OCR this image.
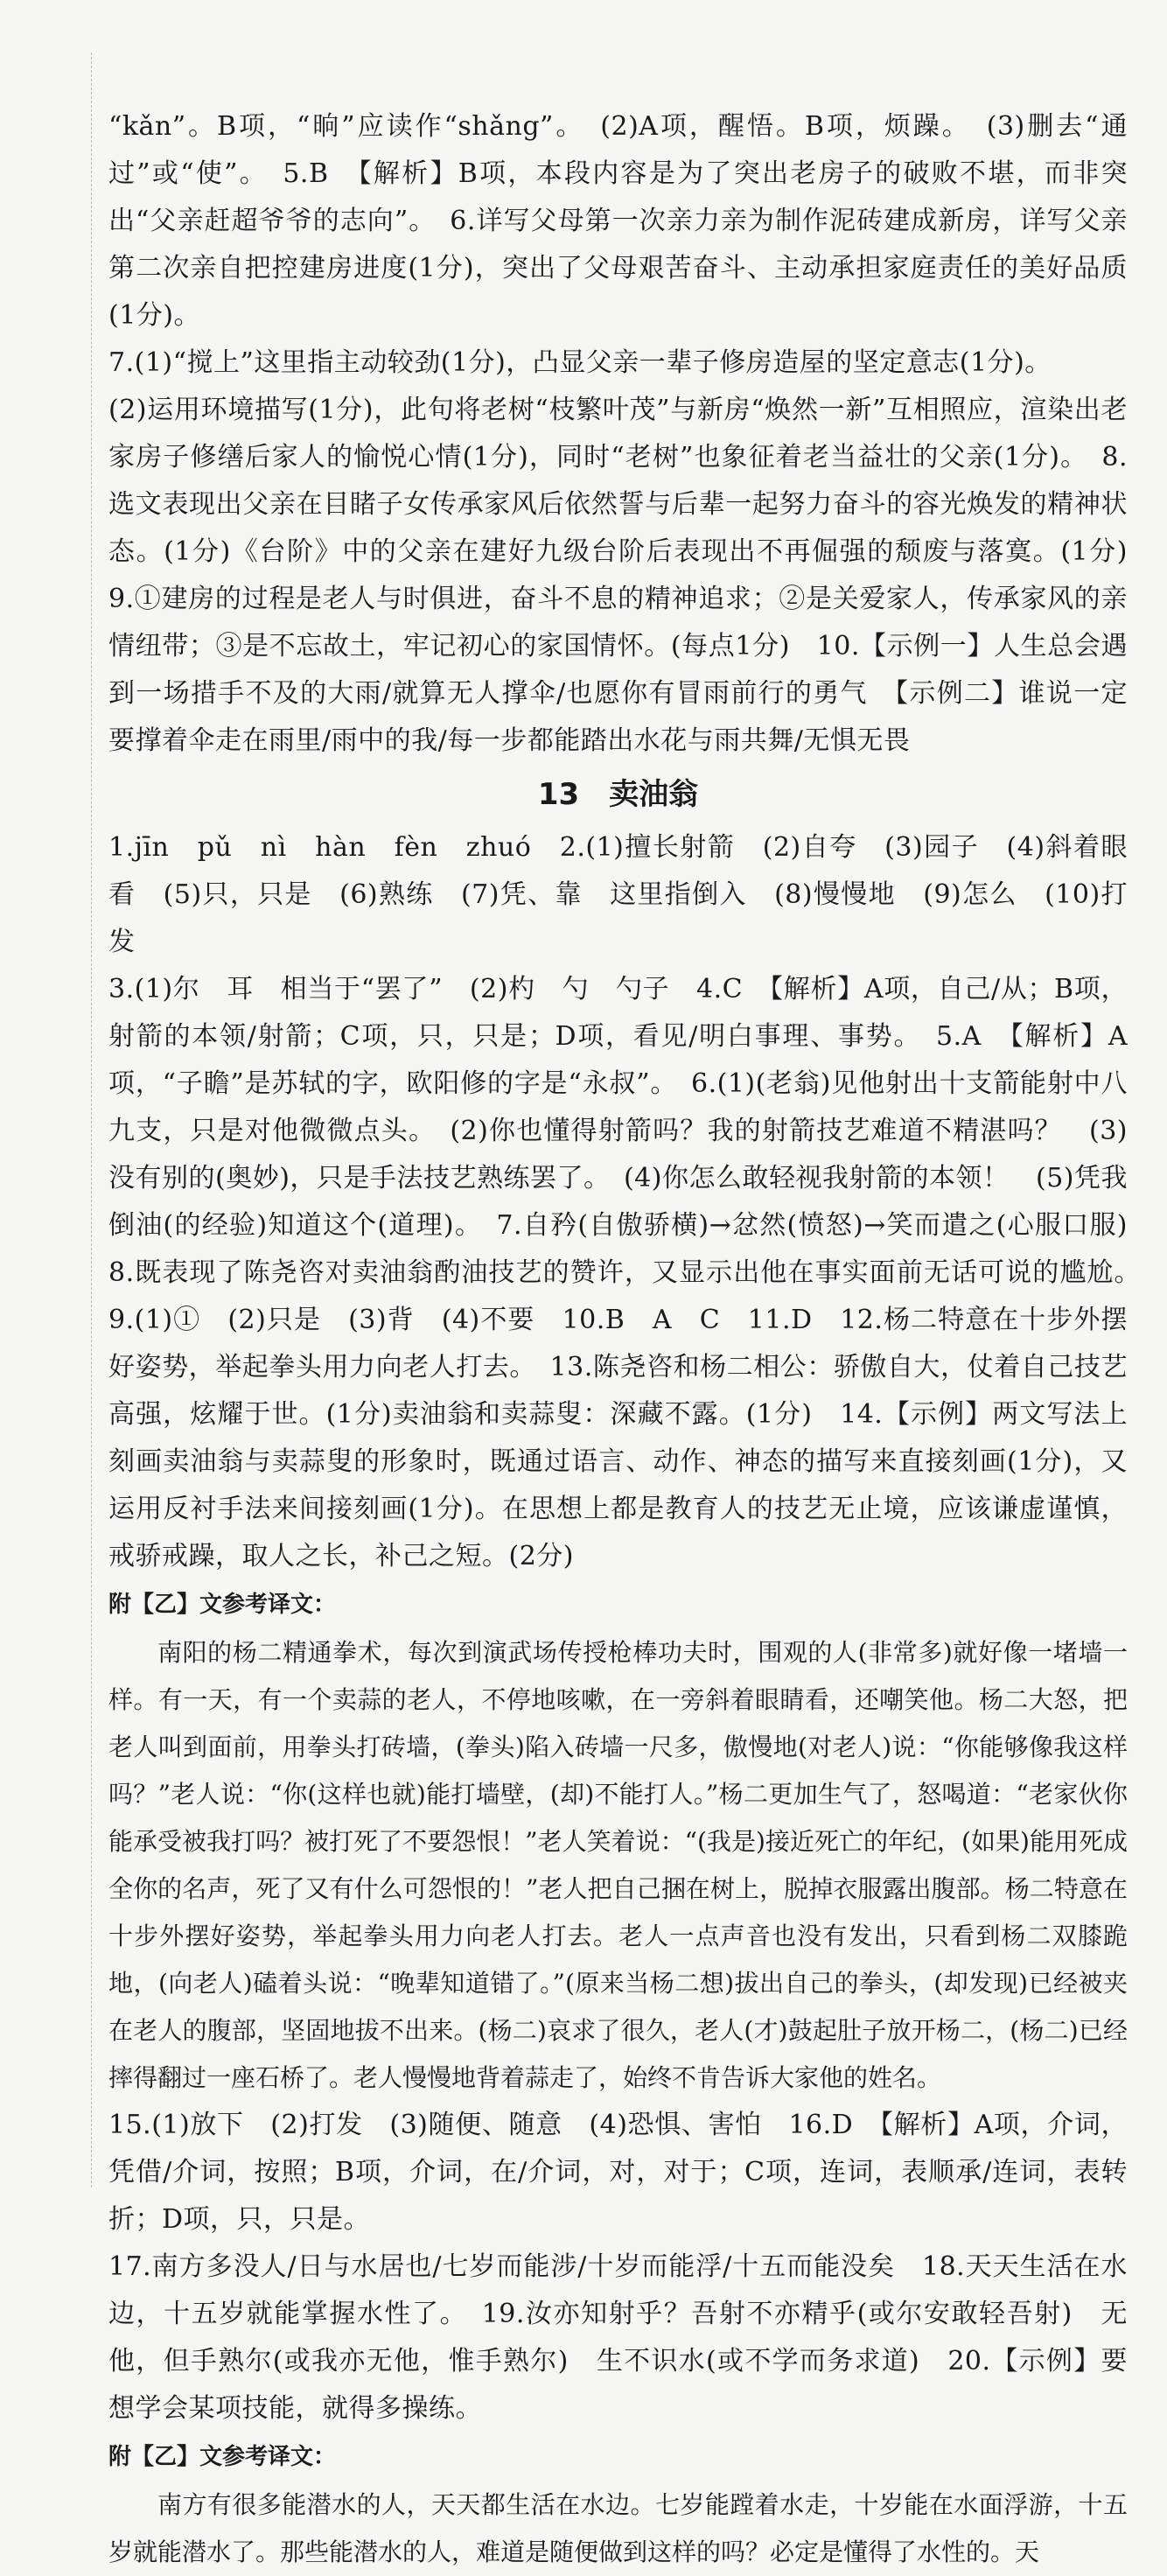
“kǎn”。B项，“晌”应读作“shǎng”。　(2)A项，醒悟。B项，烦躁。　(3)删去“通过”或“使”。　5.B　【解析】B项，本段内容是为了突出老房子的破败不堪，而非突出“父亲赶超爷爷的志向”。　6.详写父母第一次亲力亲为制作泥砖建成新房，详写父亲第二次亲自把控建房进度(1分)，突出了父母艰苦奋斗、主动承担家庭责任的美好品质(1分)。
7.(1)“搅上”这里指主动较劲(1分)，凸显父亲一辈子修房造屋的坚定意志(1分)。
(2)运用环境描写(1分)，此句将老树“枝繁叶茂”与新房“焕然一新”互相照应，渲染出老家房子修缮后家人的愉悦心情(1分)，同时“老树”也象征着老当益壮的父亲(1分)。　8.选文表现出父亲在目睹子女传承家风后依然誓与后辈一起努力奋斗的容光焕发的精神状态。(1分)《台阶》中的父亲在建好九级台阶后表现出不再倔强的颓废与落寞。(1分)　9.①建房的过程是老人与时俱进，奋斗不息的精神追求；②是关爱家人，传承家风的亲情纽带；③是不忘故土，牢记初心的家国情怀。(每点1分)　10.【示例一】人生总会遇到一场措手不及的大雨/就算无人撑伞/也愿你有冒雨前行的勇气　【示例二】谁说一定要撑着伞走在雨里/雨中的我/每一步都能踏出水花与雨共舞/无惧无畏

13　卖油翁

1.jīn　pǔ　nì　hàn　fèn　zhuó　2.(1)擅长射箭　(2)自夸　(3)园子　(4)斜着眼看　(5)只，只是　(6)熟练　(7)凭、靠　这里指倒入　(8)慢慢地　(9)怎么　(10)打发
3.(1)尔　耳　相当于“罢了”　(2)杓　勺　勺子　4.C　【解析】A项，自己/从；B项，射箭的本领/射箭；C项，只，只是；D项，看见/明白事理、事势。　5.A　【解析】A项，“子瞻”是苏轼的字，欧阳修的字是“永叔”。　6.(1)(老翁)见他射出十支箭能射中八九支，只是对他微微点头。　(2)你也懂得射箭吗？我的射箭技艺难道不精湛吗？　(3)没有别的(奥妙)，只是手法技艺熟练罢了。　(4)你怎么敢轻视我射箭的本领！　(5)凭我倒油(的经验)知道这个(道理)。　7.自矜(自傲骄横)→忿然(愤怒)→笑而遣之(心服口服)　8.既表现了陈尧咨对卖油翁酌油技艺的赞许，又显示出他在事实面前无话可说的尴尬。　9.(1)①　(2)只是　(3)背　(4)不要　10.B　A　C　11.D　12.杨二特意在十步外摆好姿势，举起拳头用力向老人打去。　13.陈尧咨和杨二相公：骄傲自大，仗着自己技艺高强，炫耀于世。(1分)卖油翁和卖蒜叟：深藏不露。(1分)　14.【示例】两文写法上刻画卖油翁与卖蒜叟的形象时，既通过语言、动作、神态的描写来直接刻画(1分)，又运用反衬手法来间接刻画(1分)。在思想上都是教育人的技艺无止境，应该谦虚谨慎，戒骄戒躁，取人之长，补己之短。(2分)

附【乙】文参考译文：

南阳的杨二精通拳术，每次到演武场传授枪棒功夫时，围观的人(非常多)就好像一堵墙一样。有一天，有一个卖蒜的老人，不停地咳嗽，在一旁斜着眼睛看，还嘲笑他。杨二大怒，把老人叫到面前，用拳头打砖墙，(拳头)陷入砖墙一尺多，傲慢地(对老人)说：“你能够像我这样吗？”老人说：“你(这样也就)能打墙壁，(却)不能打人。”杨二更加生气了，怒喝道：“老家伙你能承受被我打吗？被打死了不要怨恨！”老人笑着说：“(我是)接近死亡的年纪，(如果)能用死成全你的名声，死了又有什么可怨恨的！”老人把自己捆在树上，脱掉衣服露出腹部。杨二特意在十步外摆好姿势，举起拳头用力向老人打去。老人一点声音也没有发出，只看到杨二双膝跪地，(向老人)磕着头说：“晚辈知道错了。”(原来当杨二想)拔出自己的拳头，(却发现)已经被夹在老人的腹部，坚固地拔不出来。(杨二)哀求了很久，老人(才)鼓起肚子放开杨二，(杨二)已经摔得翻过一座石桥了。老人慢慢地背着蒜走了，始终不肯告诉大家他的姓名。

15.(1)放下　(2)打发　(3)随便、随意　(4)恐惧、害怕　16.D　【解析】A项，介词，凭借/介词，按照；B项，介词，在/介词，对，对于；C项，连词，表顺承/连词，表转折；D项，只，只是。
17.南方多没人/日与水居也/七岁而能涉/十岁而能浮/十五而能没矣　18.天天生活在水边，十五岁就能掌握水性了。　19.汝亦知射乎？吾射不亦精乎(或尔安敢轻吾射)　无他，但手熟尔(或我亦无他，惟手熟尔)　生不识水(或不学而务求道)　20.【示例】要想学会某项技能，就得多操练。

附【乙】文参考译文：

南方有很多能潜水的人，天天都生活在水边。七岁能蹚着水走，十岁能在水面浮游，十五岁就能潜水了。那些能潜水的人，难道是随便做到这样的吗？必定是懂得了水性的。天
